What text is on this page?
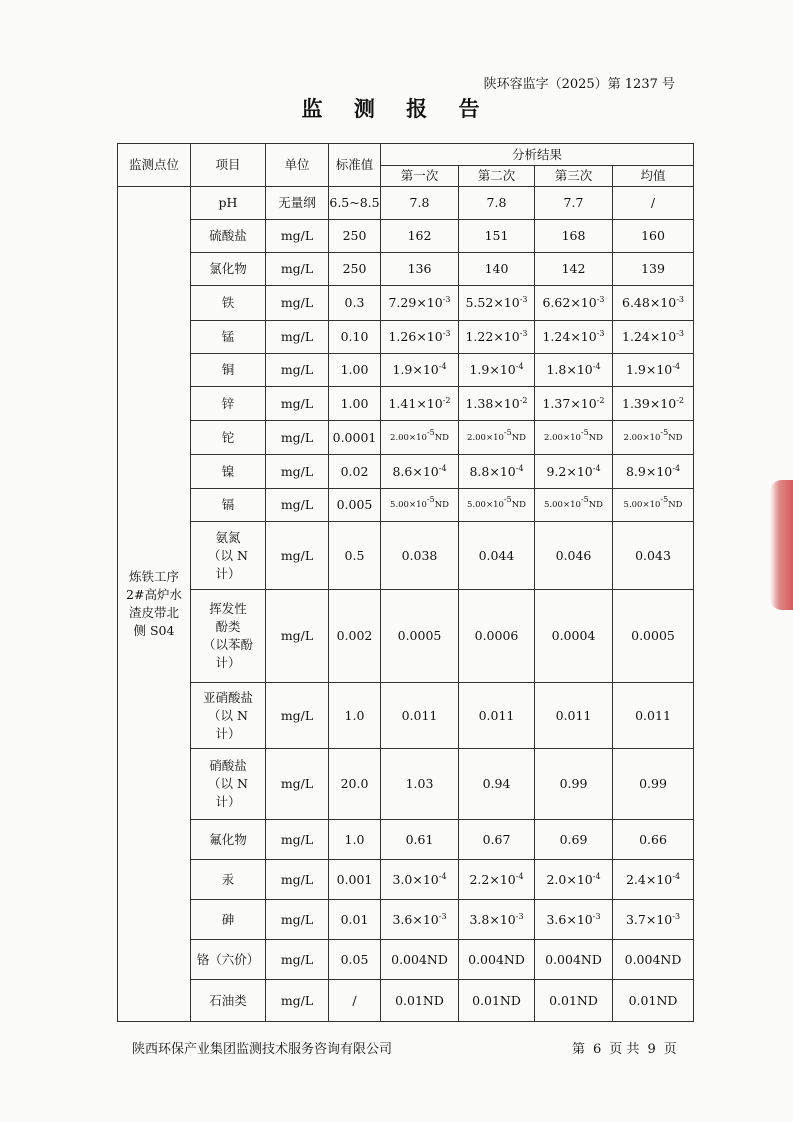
陕环容监字（2025）第 1237 号
监 测 报 告
监测点位	项目	单位	标准值	分析结果			
				第一次	第二次	第三次	均值

炼铁工序
2#高炉水
渣皮带北
侧 S04	pH	无量纲	6.5~8.5	7.8	7.8	7.7	/

	硫酸盐	mg/L	250	162	151	168	160

	氯化物	mg/L	250	136	140	142	139

	铁	mg/L	0.3	$7.29\times 10^{-3}$	$5.52\times 10^{-3}$	$6.62\times 10^{-3}$	$6.48\times 10^{-3}$

	锰	mg/L	0.10	$1.26\times 10^{-3}$	$1.22\times 10^{-3}$	$1.24\times 10^{-3}$	$1.24\times 10^{-3}$

	铜	mg/L	1.00	$1.9\times 10^{-4}$	$1.9\times 10^{-4}$	$1.8\times 10^{-4}$	$1.9\times 10^{-4}$

	锌	mg/L	1.00	$1.41\times 10^{-2}$	$1.38\times 10^{-2}$	$1.37\times 10^{-2}$	$1.39\times 10^{-2}$

	铊	mg/L	0.0001	$2.00\times 10^{-5}ND$	$2.00\times 10^{-5}ND$	$2.00\times 10^{-5}ND$	$2.00\times 10^{-5}ND$

	镍	mg/L	0.02	$8.6\times 10^{-4}$	$8.8\times 10^{-4}$	$9.2\times 10^{-4}$	$8.9\times 10^{-4}$

	镉	mg/L	0.005	$5.00\times 10^{-5}ND$	$5.00\times 10^{-5}ND$	$5.00\times 10^{-5}ND$	$5.00\times 10^{-5}ND$

	氨氮
（以 N
计）	mg/L	0.5	0.038	0.044	0.046	0.043

	挥发性
酚类
（以苯酚
计）	mg/L	0.002	0.0005	0.0006	0.0004	0.0005

	亚硝酸盐
（以 N
计）	mg/L	1.0	0.011	0.011	0.011	0.011

	硝酸盐
（以 N
计）	mg/L	20.0	1.03	0.94	0.99	0.99

	氟化物	mg/L	1.0	0.61	0.67	0.69	0.66

	汞	mg/L	0.001	$3.0\times 10^{-4}$	$2.2\times 10^{-4}$	$2.0\times 10^{-4}$	$2.4\times 10^{-4}$

	砷	mg/L	0.01	$3.6\times 10^{-3}$	$3.8\times 10^{-3}$	$3.6\times 10^{-3}$	$3.7\times 10^{-3}$

	铬（六价）	mg/L	0.05	0.004ND	0.004ND	0.004ND	0.004ND

	石油类	mg/L	/	0.01ND	0.01ND	0.01ND	0.01ND
陕西环保产业集团监测技术服务咨询有限公司	第 6 页 共 9 页
